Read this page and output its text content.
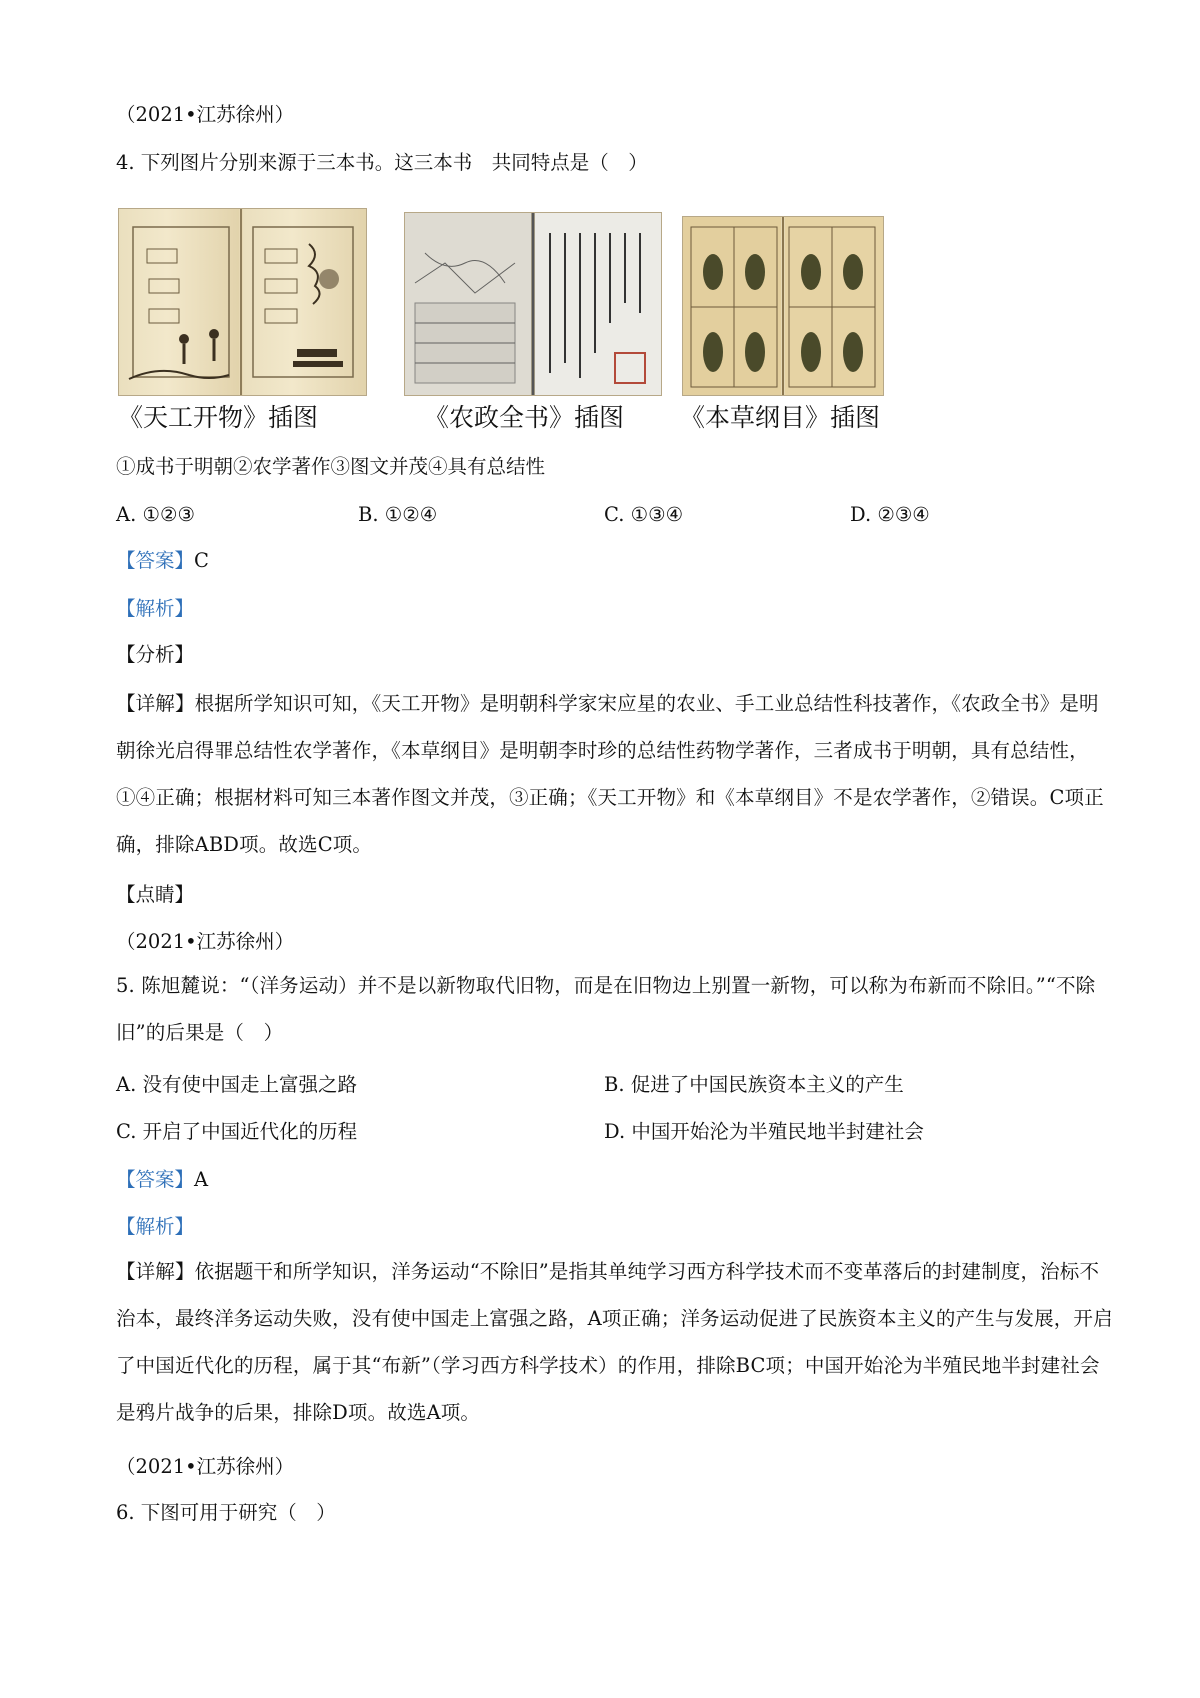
（2021•江苏徐州）
4. 下列图片分别来源于三本书。这三本书　共同特点是（　）
《天工开物》插图	《农政全书》插图 《本草纲目》插图
①成书于明朝②农学著作③图文并茂④具有总结性
A. ①②③	B. ①②④	C. ①③④	D. ②③④
【答案】C
【解析】
【分析】
【详解】根据所学知识可知，《天工开物》是明朝科学家宋应星的农业、手工业总结性科技著作，《农政全书》是明朝徐光启得罪总结性农学著作，《本草纲目》是明朝李时珍的总结性药物学著作，三者成书于明朝，具有总结性，①④正确；根据材料可知三本著作图文并茂，③正确；《天工开物》和《本草纲目》不是农学著作，②错误。C项正确，排除ABD项。故选C项。
【点睛】
（2021•江苏徐州）
5. 陈旭麓说：“（洋务运动）并不是以新物取代旧物，而是在旧物边上别置一新物，可以称为布新而不除旧。”“不除旧”的后果是（　）
A. 没有使中国走上富强之路	B. 促进了中国民族资本主义的产生
C. 开启了中国近代化的历程	D. 中国开始沦为半殖民地半封建社会
【答案】A
【解析】
【详解】依据题干和所学知识，洋务运动“不除旧”是指其单纯学习西方科学技术而不变革落后的封建制度，治标不治本，最终洋务运动失败，没有使中国走上富强之路，A项正确；洋务运动促进了民族资本主义的产生与发展，开启了中国近代化的历程，属于其“布新”（学习西方科学技术）的作用，排除BC项；中国开始沦为半殖民地半封建社会是鸦片战争的后果，排除D项。故选A项。
（2021•江苏徐州）
6. 下图可用于研究（　）
